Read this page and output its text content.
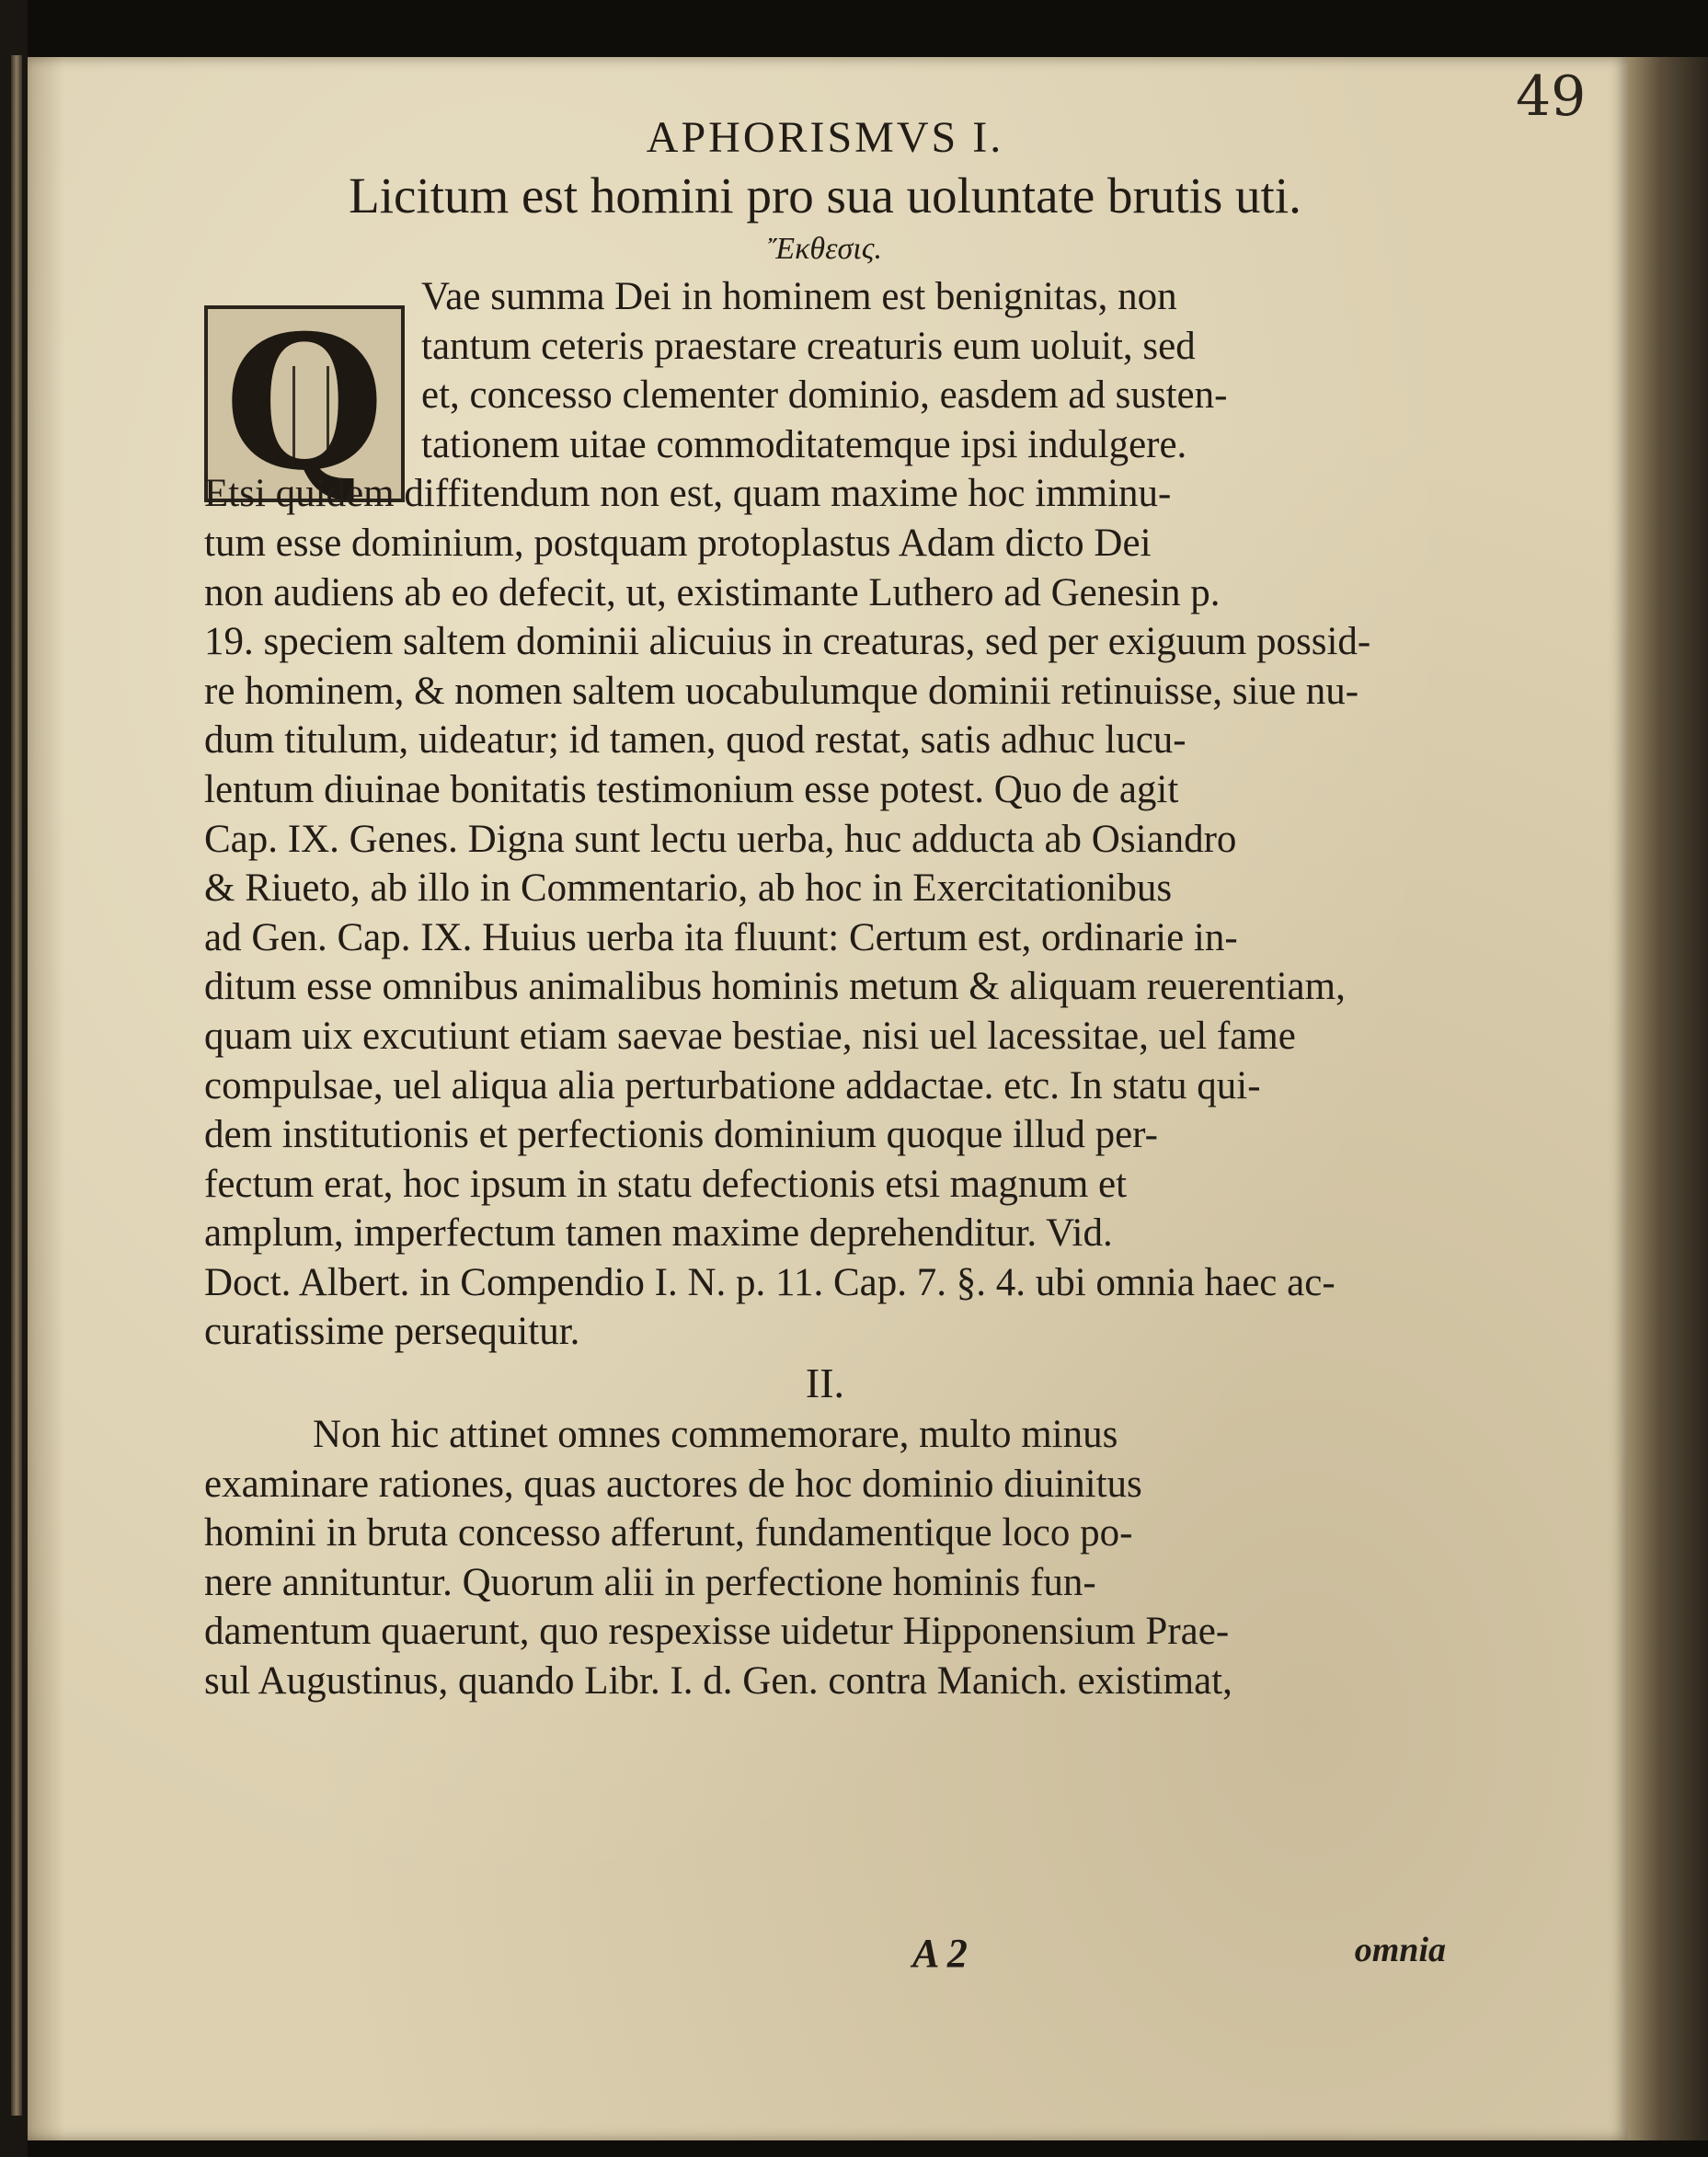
49
Q
APHORISMVS I.
Licitum est homini pro sua uoluntate brutis uti.
Ἔκθεσις.
Vae summa Dei in hominem est benignitas, non
tantum ceteris praestare creaturis eum uoluit, sed
et, concesso clementer dominio, easdem ad susten-
tationem uitae commoditatemque ipsi indulgere.
Etsi quidem diffitendum non est, quam maxime hoc imminu-
tum esse dominium, postquam protoplastus Adam dicto Dei
non audiens ab eo defecit, ut, existimante Luthero ad Genesin p.
19. speciem saltem dominii alicuius in creaturas, sed per exiguum possid-
re hominem, & nomen saltem uocabulumque dominii retinuisse, siue nu-
dum titulum, uideatur; id tamen, quod restat, satis adhuc lucu-
lentum diuinae bonitatis testimonium esse potest. Quo de agit
Cap. IX. Genes. Digna sunt lectu uerba, huc adducta ab Osiandro
& Riueto, ab illo in Commentario, ab hoc in Exercitationibus
ad Gen. Cap. IX. Huius uerba ita fluunt: Certum est, ordinarie in-
ditum esse omnibus animalibus hominis metum & aliquam reuerentiam,
quam uix excutiunt etiam saevae bestiae, nisi uel lacessitae, uel fame
compulsae, uel aliqua alia perturbatione addactae. etc. In statu qui-
dem institutionis et perfectionis dominium quoque illud per-
fectum erat, hoc ipsum in statu defectionis etsi magnum et
amplum, imperfectum tamen maxime deprehenditur. Vid.
Doct. Albert. in Compendio I. N. p. 11. Cap. 7. §. 4. ubi omnia haec ac-
curatissime persequitur.
II.
Non hic attinet omnes commemorare, multo minus
examinare rationes, quas auctores de hoc dominio diuinitus
homini in bruta concesso afferunt, fundamentique loco po-
nere annituntur. Quorum alii in perfectione hominis fun-
damentum quaerunt, quo respexisse uidetur Hipponensium Prae-
sul Augustinus, quando Libr. I. d. Gen. contra Manich. existimat,
A 2	omnia
